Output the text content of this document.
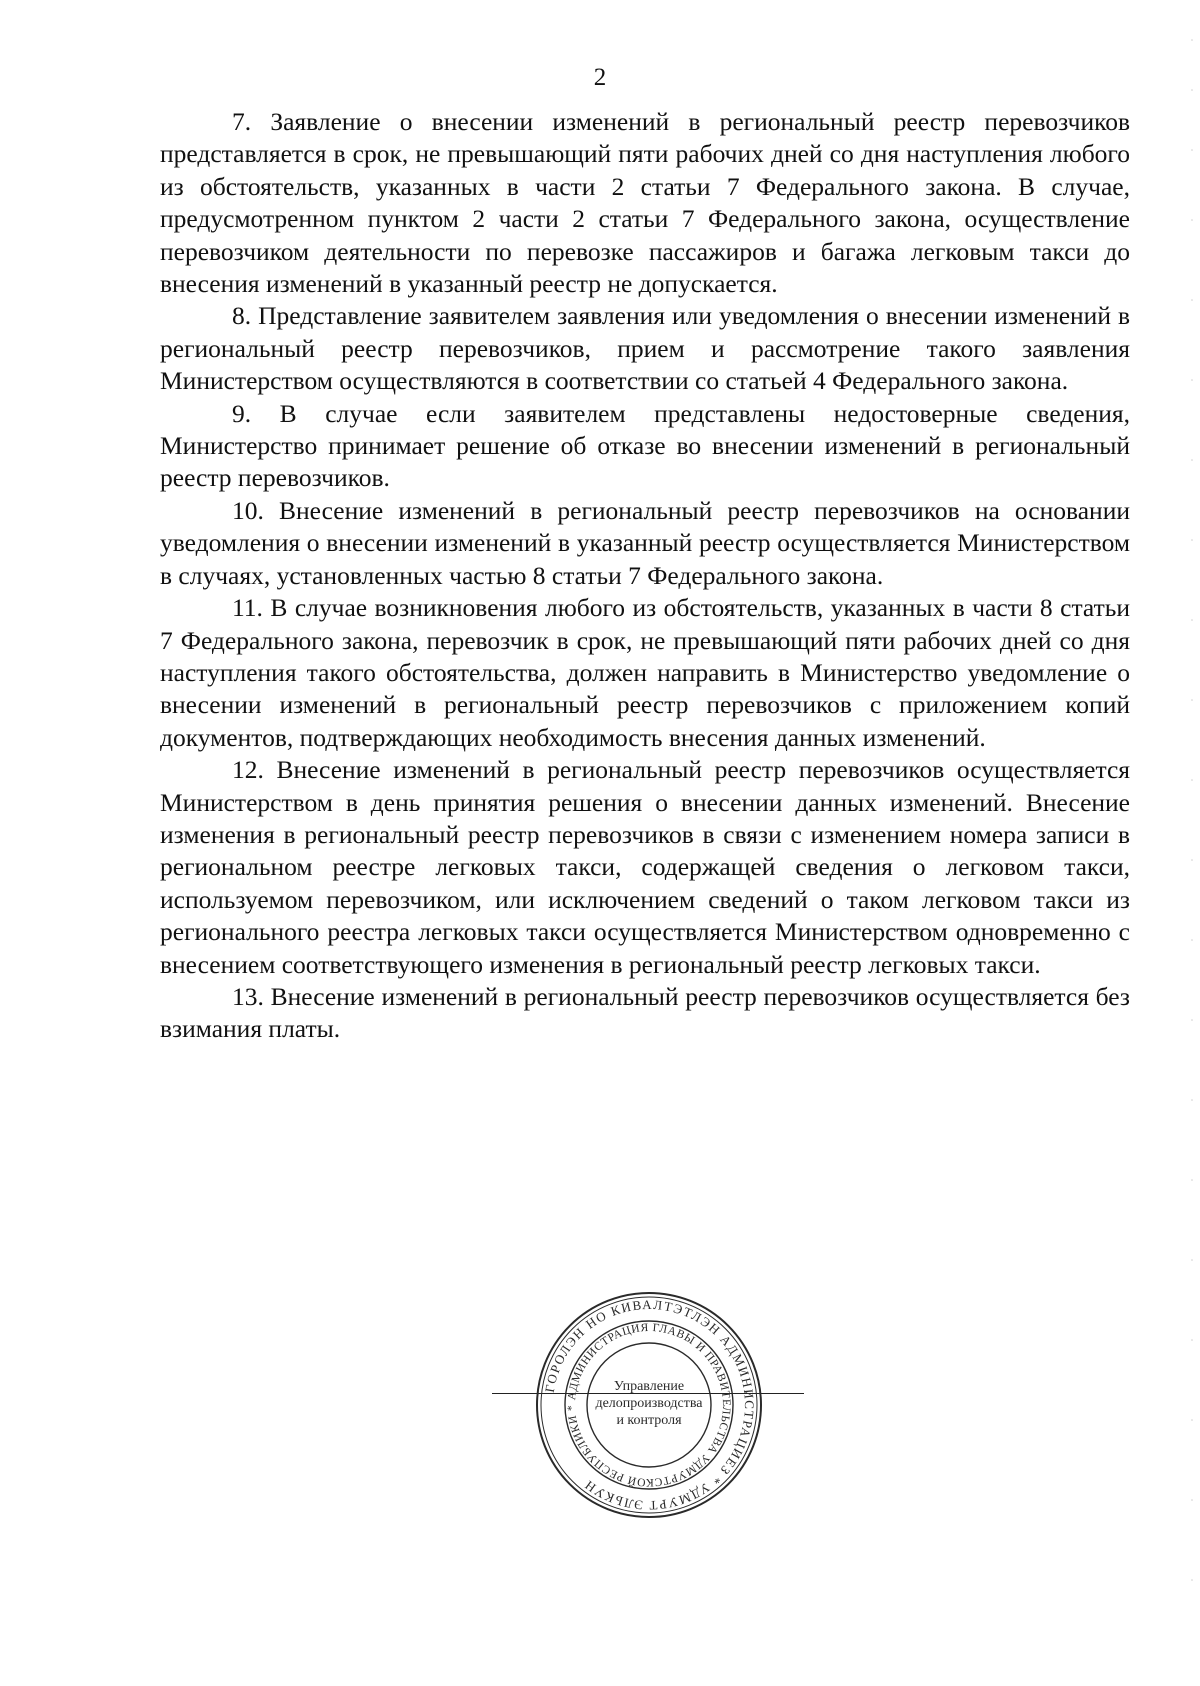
2

7. Заявление о внесении изменений в региональный реестр перевозчиков представляется в срок, не превышающий пяти рабочих дней со дня наступления любого из обстоятельств, указанных в части 2 статьи 7 Федерального закона. В случае, предусмотренном пунктом 2 части 2 статьи 7 Федерального закона, осуществление перевозчиком деятельности по перевозке пассажиров и багажа легковым такси до внесения изменений в указанный реестр не допускается.

8. Представление заявителем заявления или уведомления о внесении изменений в региональный реестр перевозчиков, прием и рассмотрение такого заявления Министерством осуществляются в соответствии со статьей 4 Федерального закона.

9. В случае если заявителем представлены недостоверные сведения, Министерство принимает решение об отказе во внесении изменений в региональный реестр перевозчиков.

10. Внесение изменений в региональный реестр перевозчиков на основании уведомления о внесении изменений в указанный реестр осуществляется Министерством в случаях, установленных частью 8 статьи 7 Федерального закона.

11. В случае возникновения любого из обстоятельств, указанных в части 8 статьи 7 Федерального закона, перевозчик в срок, не превышающий пяти рабочих дней со дня наступления такого обстоятельства, должен направить в Министерство уведомление о внесении изменений в региональный реестр перевозчиков с приложением копий документов, подтверждающих необходимость внесения данных изменений.

12. Внесение изменений в региональный реестр перевозчиков осуществляется Министерством в день принятия решения о внесении данных изменений. Внесение изменения в региональный реестр перевозчиков в связи с изменением номера записи в региональном реестре легковых такси, содержащей сведения о легковом такси, используемом перевозчиком, или исключением сведений о таком легковом такси из регионального реестра легковых такси осуществляется Министерством одновременно с внесением соответствующего изменения в региональный реестр легковых такси.

13. Внесение изменений в региональный реестр перевозчиков осуществляется без взимания платы.

ГОРОЛЭН НО КИВАЛТЭТЛЭН АДМИНИСТРАЦИЕЗ * УДМУРТ ЭЛЬКУН
АДМИНИСТРАЦИЯ ГЛАВЫ И ПРАВИТЕЛЬСТВА УДМУРТСКОЙ РЕСПУБЛИКИ *
Управление
делопроизводства
и контроля
